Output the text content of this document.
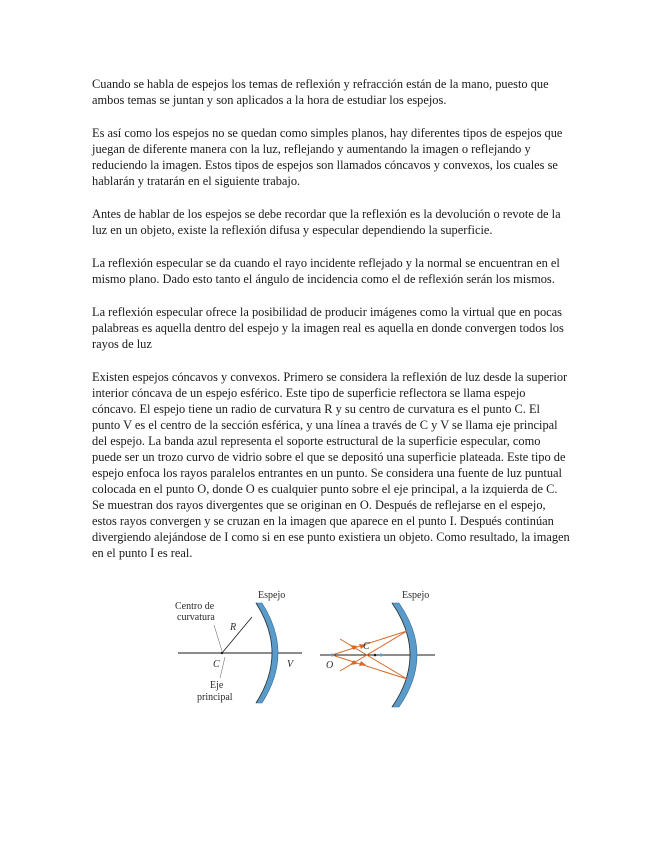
Cuando se habla de espejos los temas de reflexión y refracción están de la mano, puesto que ambos temas se juntan y son aplicados a la hora de estudiar los espejos.

Es así como los espejos no se quedan como simples planos, hay diferentes tipos de espejos que juegan de diferente manera con la luz, reflejando y aumentando la imagen o reflejando y reduciendo la imagen. Estos tipos de espejos son llamados cóncavos y convexos, los cuales se hablarán y tratarán en el siguiente trabajo.

Antes de hablar de los espejos se debe recordar que la reflexión es la devolución o revote de la luz en un objeto, existe la reflexión difusa y especular dependiendo la superficie.

La reflexión especular se da cuando el rayo incidente reflejado y la normal se encuentran en el mismo plano. Dado esto tanto el ángulo de incidencia como el de reflexión serán los mismos.

La reflexión especular ofrece la posibilidad de producir imágenes como la virtual que en pocas palabreas es aquella dentro del espejo y la imagen real es aquella en donde convergen todos los rayos de luz

Existen espejos cóncavos y convexos. Primero se considera la reflexión de luz desde la superior interior cóncava de un espejo esférico. Este tipo de superficie reflectora se llama espejo cóncavo. El espejo tiene un radio de curvatura R y su centro de curvatura es el punto C. El punto V es el centro de la sección esférica, y una línea a través de C y V se llama eje principal del espejo. La banda azul representa el soporte estructural de la superficie especular, como puede ser un trozo curvo de vidrio sobre el que se depositó una superficie plateada. Este tipo de espejo enfoca los rayos paralelos entrantes en un punto. Se considera una fuente de luz puntual colocada en el punto O, donde O es cualquier punto sobre el eje principal, a la izquierda de C. Se muestran dos rayos divergentes que se originan en O. Después de reflejarse en el espejo, estos rayos convergen y se cruzan en la imagen que aparece en el punto I. Después continúan divergiendo alejándose de I como si en ese punto existiera un objeto. Como resultado, la imagen en el punto I es real.

Espejo
Centro de
curvatura
R
C	V
Eje
principal
Espejo
C
O
